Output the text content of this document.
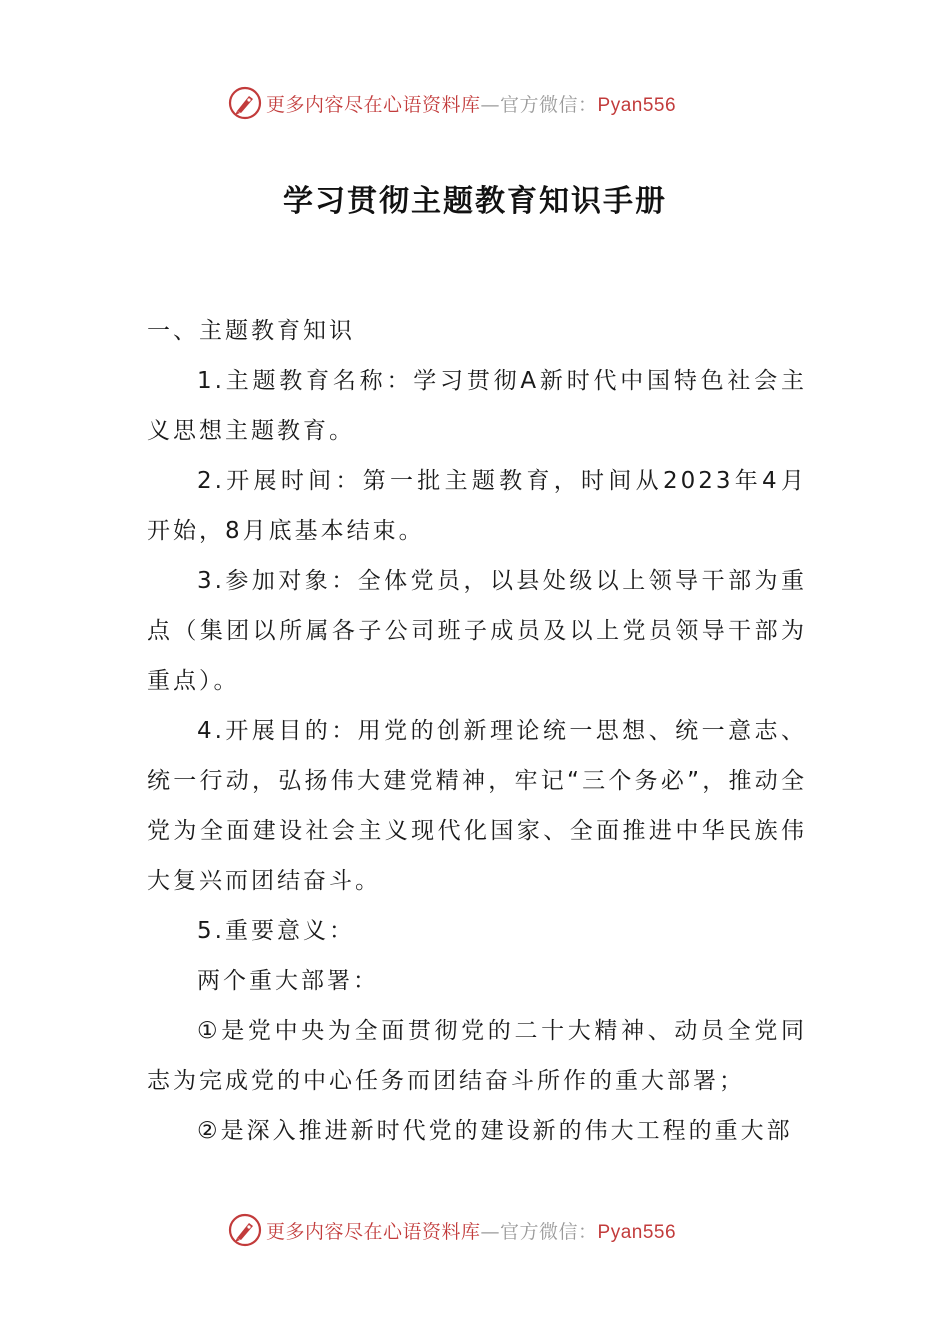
更多内容尽在心语资料库—官方微信：Pyan556
学习贯彻主题教育知识手册

一、主题教育知识

1.主题教育名称：学习贯彻A新时代中国特色社会主义思想主题教育。

2.开展时间：第一批主题教育，时间从2023年4月开始，8月底基本结束。

3.参加对象：全体党员，以县处级以上领导干部为重点（集团以所属各子公司班子成员及以上党员领导干部为重点）。

4.开展目的：用党的创新理论统一思想、统一意志、统一行动，弘扬伟大建党精神，牢记“三个务必”，推动全党为全面建设社会主义现代化国家、全面推进中华民族伟大复兴而团结奋斗。

5.重要意义：

两个重大部署：

①是党中央为全面贯彻党的二十大精神、动员全党同志为完成党的中心任务而团结奋斗所作的重大部署；

②是深入推进新时代党的建设新的伟大工程的重大部

更多内容尽在心语资料库—官方微信：Pyan556
